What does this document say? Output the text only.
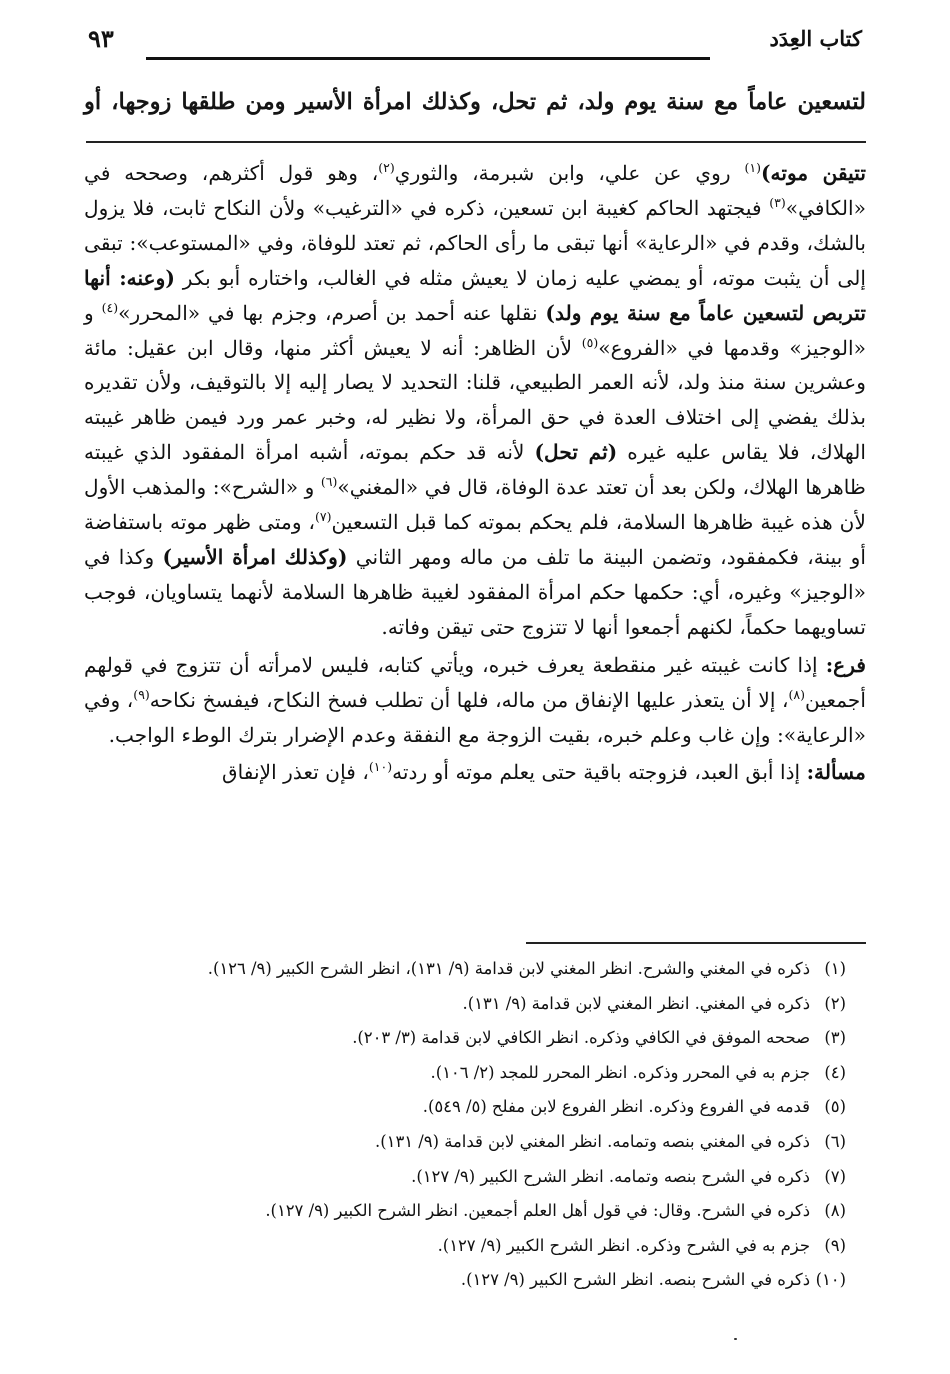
كتاب العِدَد
٩٣
لتسعين عاماً مع سنة يوم ولد، ثم تحل، وكذلك امرأة الأسير ومن طلقها زوجها، أو

تتيقن موته)$^{(١)}$ روي عن علي، وابن شبرمة، والثوري$^{(٢)}$، وهو قول أكثرهم، وصححه في «الكافي»$^{(٣)}$ فيجتهد الحاكم كغيبة ابن تسعين، ذكره في «الترغيب» ولأن النكاح ثابت، فلا يزول بالشك، وقدم في «الرعاية» أنها تبقى ما رأى الحاكم، ثم تعتد للوفاة، وفي «المستوعب»: تبقى إلى أن يثبت موته، أو يمضي عليه زمان لا يعيش مثله في الغالب، واختاره أبو بكر (وعنه: أنها تتربص لتسعين عاماً مع سنة يوم ولد) نقلها عنه أحمد بن أصرم، وجزم بها في «المحرر»$^{(٤)}$ و «الوجيز» وقدمها في «الفروع»$^{(٥)}$ لأن الظاهر: أنه لا يعيش أكثر منها، وقال ابن عقيل: مائة وعشرين سنة منذ ولد، لأنه العمر الطبيعي، قلنا: التحديد لا يصار إليه إلا بالتوقيف، ولأن تقديره بذلك يفضي إلى اختلاف العدة في حق المرأة، ولا نظير له، وخبر عمر ورد فيمن ظاهر غيبته الهلاك، فلا يقاس عليه غيره (ثم تحل) لأنه قد حكم بموته، أشبه امرأة المفقود الذي غيبته ظاهرها الهلاك، ولكن بعد أن تعتد عدة الوفاة، قال في «المغني»$^{(٦)}$ و «الشرح»: والمذهب الأول لأن هذه غيبة ظاهرها السلامة، فلم يحكم بموته كما قبل التسعين$^{(٧)}$، ومتى ظهر موته باستفاضة أو بينة، فكمفقود، وتضمن البينة ما تلف من ماله ومهر الثاني (وكذلك امرأة الأسير) وكذا في «الوجيز» وغيره، أي: حكمها حكم امرأة المفقود لغيبة ظاهرها السلامة لأنهما يتساويان، فوجب تساويهما حكماً، لكنهم أجمعوا أنها لا تتزوج حتى تيقن وفاته.

فرع: إذا كانت غيبته غير منقطعة يعرف خبره، ويأتي كتابه، فليس لامرأته أن تتزوج في قولهم أجمعين$^{(٨)}$، إلا أن يتعذر عليها الإنفاق من ماله، فلها أن تطلب فسخ النكاح، فيفسخ نكاحه$^{(٩)}$، وفي «الرعاية»: وإن غاب وعلم خبره، بقيت الزوجة مع النفقة وعدم الإضرار بترك الوطء الواجب.

مسألة: إذا أبق العبد، فزوجته باقية حتى يعلم موته أو ردته$^{(١٠)}$، فإن تعذر الإنفاق

(١)ذكره في المغني والشرح. انظر المغني لابن قدامة (٩/ ١٣١)، انظر الشرح الكبير (٩/ ١٢٦).
(٢)ذكره في المغني. انظر المغني لابن قدامة (٩/ ١٣١).
(٣)صححه الموفق في الكافي وذكره. انظر الكافي لابن قدامة (٣/ ٢٠٣).
(٤)جزم به في المحرر وذكره. انظر المحرر للمجد (٢/ ١٠٦).
(٥)قدمه في الفروع وذكره. انظر الفروع لابن مفلح (٥/ ٥٤٩).
(٦)ذكره في المغني بنصه وتمامه. انظر المغني لابن قدامة (٩/ ١٣١).
(٧)ذكره في الشرح بنصه وتمامه. انظر الشرح الكبير (٩/ ١٢٧).
(٨)ذكره في الشرح. وقال: في قول أهل العلم أجمعين. انظر الشرح الكبير (٩/ ١٢٧).
(٩)جزم به في الشرح وذكره. انظر الشرح الكبير (٩/ ١٢٧).
(١٠)ذكره في الشرح بنصه. انظر الشرح الكبير (٩/ ١٢٧).
